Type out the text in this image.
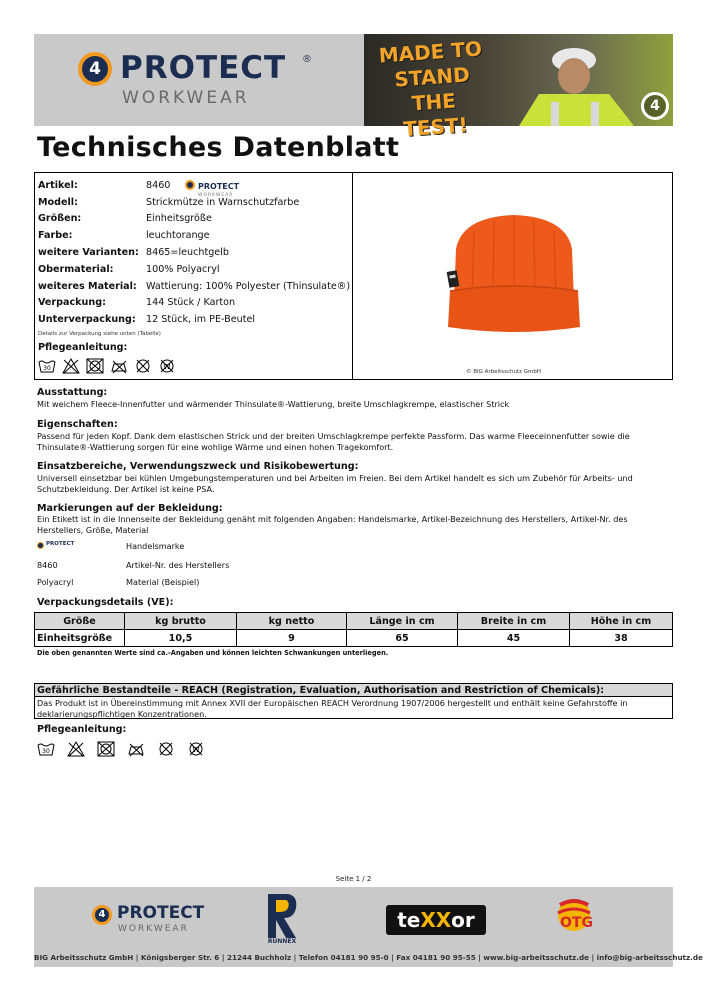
4 PROTECT ®
WORKWEAR
MADE TO STAND THE TEST!
4
Technisches Datenblatt
Artikel:	8460	PROTECT
WORKWEAR
Modell:	Strickmütze in Warnschutzfarbe
Größen:	Einheitsgröße
Farbe:	leuchtorange
weitere Varianten: 8465=leuchtgelb
Obermaterial:	100% Polyacryl
weiteres Material: Wattierung: 100% Polyester (Thinsulate®)
Verpackung:	144 Stück / Karton
Unterverpackung: 12 Stück, im PE-Beutel
Details zur Verpackung siehe unten (Tabelle)
Pflegeanleitung:
30	W
© BIG Arbeitsschutz GmbH
Ausstattung:
Mit weichem Fleece-Innenfutter und wärmender Thinsulate®-Wattierung, breite Umschlagkrempe, elastischer Strick
Eigenschaften:
Passend für jeden Kopf. Dank dem elastischen Strick und der breiten Umschlagkrempe perfekte Passform. Das warme Fleeceinnenfutter sowie die Thinsulate®-Wattierung sorgen für eine wohlige Wärme und einen hohen Tragekomfort.
Einsatzbereiche, Verwendungszweck und Risikobewertung:
Universell einsetzbar bei kühlen Umgebungstemperaturen und bei Arbeiten im Freien. Bei dem Artikel handelt es sich um Zubehör für Arbeits- und Schutzbekleidung. Der Artikel ist keine PSA.
Markierungen auf der Bekleidung:
Ein Etikett ist in die Innenseite der Bekleidung genäht mit folgenden Angaben: Handelsmarke, Artikel-Bezeichnung des Herstellers, Artikel-Nr. des Herstellers, Größe, Material
PROTECT	Handelsmarke
8460	Artikel-Nr. des Herstellers
Polyacryl	Material (Beispiel)
Verpackungsdetails (VE):
Größe	kg brutto	kg netto	Länge in cm	Breite in cm	Höhe in cm
Einheitsgröße	10,5	9	65	45	38
Die oben genannten Werte sind ca.-Angaben und können leichten Schwankungen unterliegen.
Gefährliche Bestandteile - REACH (Registration, Evaluation, Authorisation and Restriction of Chemicals):
Das Produkt ist in Übereinstimmung mit Annex XVII der Europäischen REACH Verordnung 1907/2006 hergestellt und enthält keine Gefahrstoffe in deklarierungspflichtigen Konzentrationen.
Pflegeanleitung:
30	W
Seite 1 / 2
4 PROTECT
WORKWEAR
RUNNEX
teXXor	OTG
BIG Arbeitsschutz GmbH | Königsberger Str. 6 | 21244 Buchholz | Telefon 04181 90 95-0 | Fax 04181 90 95-55 | www.big-arbeitsschutz.de | info@big-arbeitsschutz.de
